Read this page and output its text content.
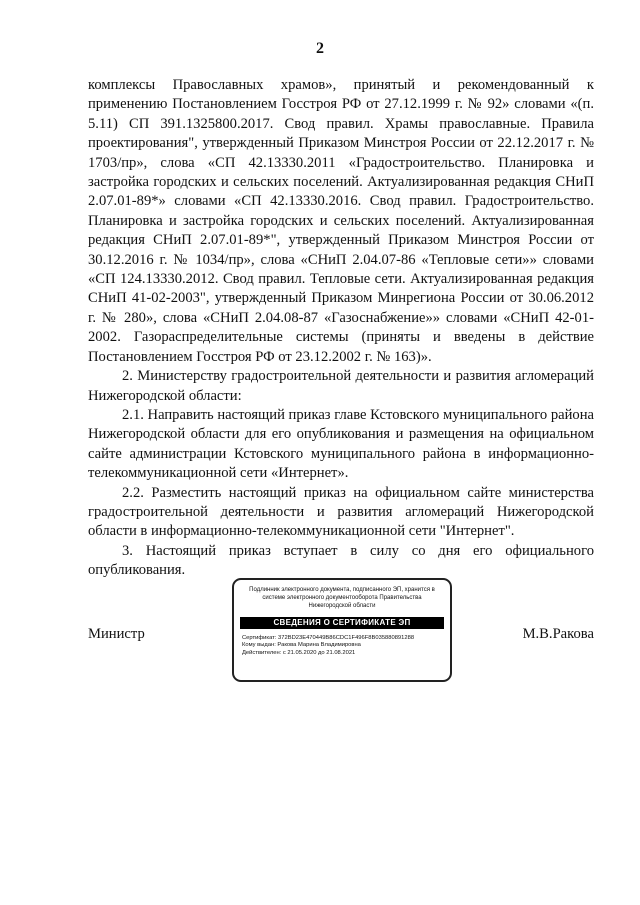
2

комплексы Православных храмов», принятый и рекомендованный к применению Постановлением Госстроя РФ от 27.12.1999 г. № 92» словами «(п. 5.11) СП 391.1325800.2017. Свод правил. Храмы православные. Правила проектирования", утвержденный Приказом Минстроя России от 22.12.2017 г. № 1703/пр», слова «СП 42.13330.2011 «Градостроительство. Планировка и застройка городских и сельских поселений. Актуализированная редакция СНиП 2.07.01-89*» словами «СП 42.13330.2016. Свод правил. Градостроительство. Планировка и застройка городских и сельских поселений. Актуализированная редакция СНиП 2.07.01-89*", утвержденный Приказом Минстроя России от 30.12.2016 г. № 1034/пр», слова «СНиП 2.04.07-86 «Тепловые сети»» словами «СП 124.13330.2012. Свод правил. Тепловые сети. Актуализированная редакция СНиП 41-02-2003", утвержденный Приказом Минрегиона России от 30.06.2012 г. № 280», слова «СНиП 2.04.08-87 «Газоснабжение»» словами «СНиП 42-01-2002. Газораспределительные системы (приняты и введены в действие Постановлением Госстроя РФ от 23.12.2002 г. № 163)».

2. Министерству градостроительной деятельности и развития агломераций Нижегородской области:

2.1. Направить настоящий приказ главе Кстовского муниципального района Нижегородской области для его опубликования и размещения на официальном сайте администрации Кстовского муниципального района в информационно-телекоммуникационной сети «Интернет».

2.2. Разместить настоящий приказ на официальном сайте министерства градостроительной деятельности и развития агломераций Нижегородской области в информационно-телекоммуникационной сети "Интернет".

3. Настоящий приказ вступает в силу со дня его официального опубликования.

Министр	М.В.Ракова
Подлинник электронного документа, подписанного ЭП, хранится в системе электронного документооборота Правительства Нижегородской области
СВЕДЕНИЯ О СЕРТИФИКАТЕ ЭП
Сертификат: 372BD23E470449B86CDC1F496F8B035880891288
Кому выдан: Ракова Марина Владимировна
Действителен: с 21.05.2020 до 21.08.2021
